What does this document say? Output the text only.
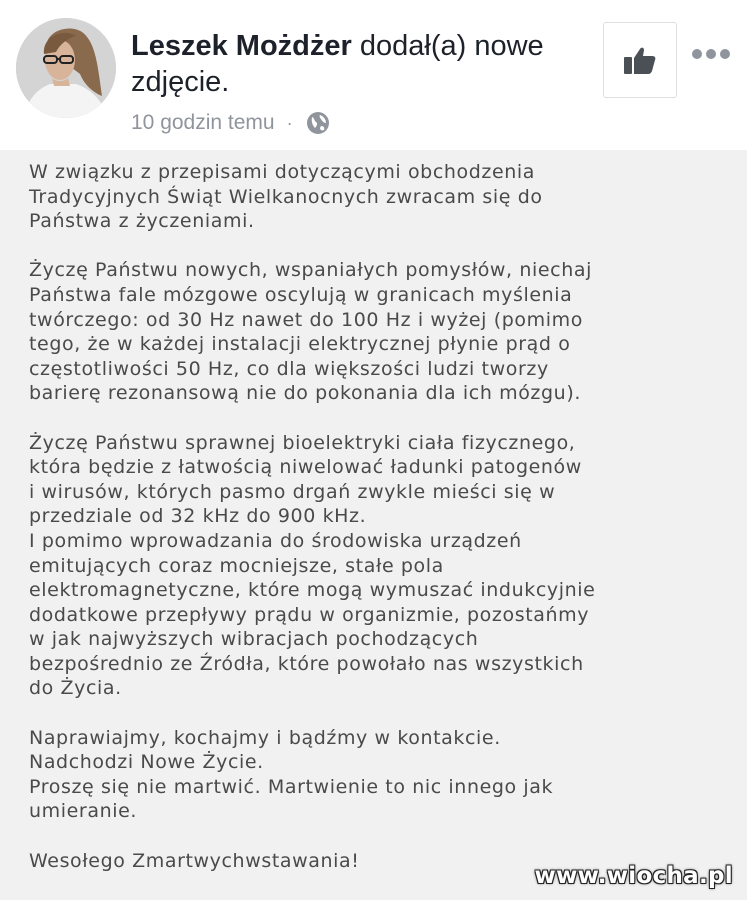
Leszek Możdżer dodał(a) nowe zdjęcie.
10 godzin temu ·

W związku z przepisami dotyczącymi obchodzenia
Tradycyjnych Świąt Wielkanocnych zwracam się do
Państwa z życzeniami.

Życzę Państwu nowych, wspaniałych pomysłów, niechaj
Państwa fale mózgowe oscylują w granicach myślenia
twórczego: od 30 Hz nawet do 100 Hz i wyżej (pomimo
tego, że w każdej instalacji elektrycznej płynie prąd o
częstotliwości 50 Hz, co dla większości ludzi tworzy
barierę rezonansową nie do pokonania dla ich mózgu).

Życzę Państwu sprawnej bioelektryki ciała fizycznego,
która będzie z łatwością niwelować ładunki patogenów
i wirusów, których pasmo drgań zwykle mieści się w
przedziale od 32 kHz do 900 kHz.
I pomimo wprowadzania do środowiska urządzeń
emitujących coraz mocniejsze, stałe pola
elektromagnetyczne, które mogą wymuszać indukcyjnie
dodatkowe przepływy prądu w organizmie, pozostańmy
w jak najwyższych wibracjach pochodzących
bezpośrednio ze Źródła, które powołało nas wszystkich
do Życia.

Naprawiajmy, kochajmy i bądźmy w kontakcie.
Nadchodzi Nowe Życie.
Proszę się nie martwić. Martwienie to nic innego jak
umieranie.

Wesołego Zmartwychwstawania!

www.wiocha.pl
